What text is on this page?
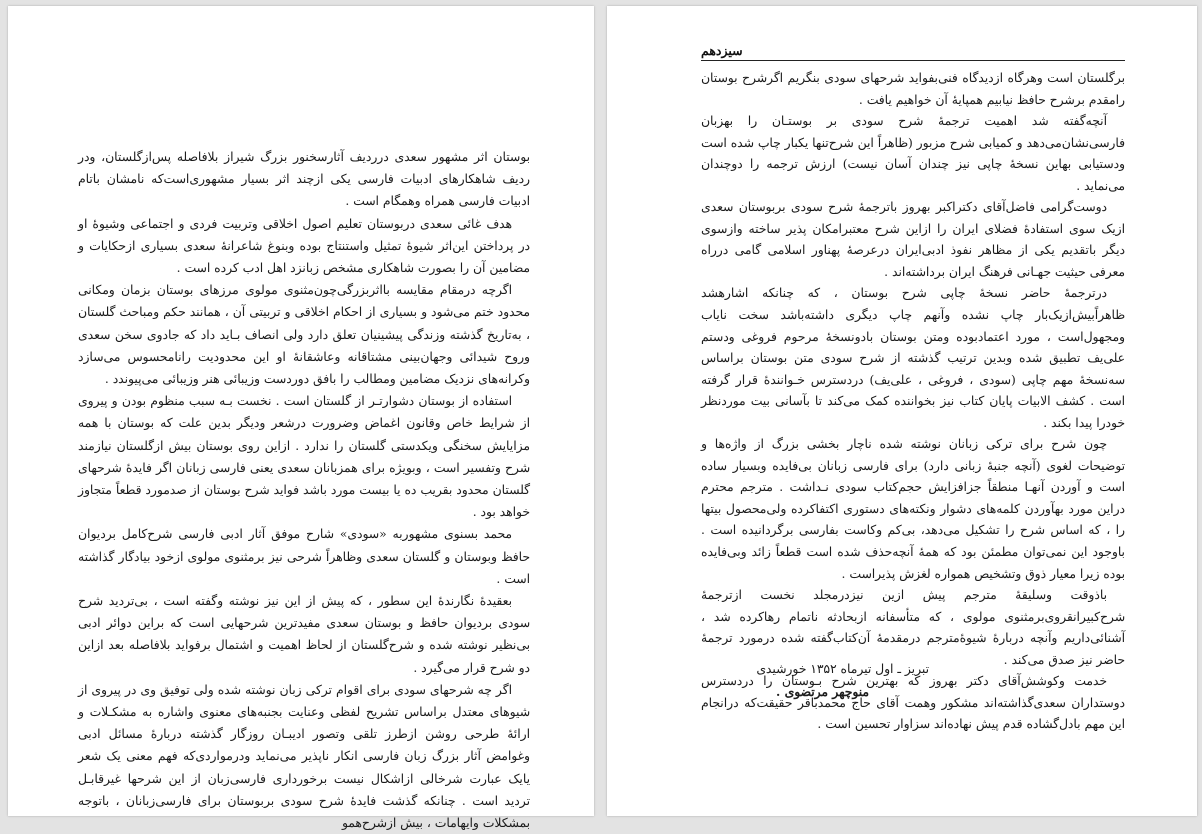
بوستان اثر مشهور سعدی درردیف آثارسخنور بزرگ شیراز بلافاصله پس‌ازگلستان، ودر ردیف شاهکارهای ادبیات فارسی یکی ازچند اثر بسیار مشهوری‌است‌که نامشان باتام ادبیات فارسی همراه وهمگام است .

هدف غائی سعدی دربوستان تعلیم اصول اخلاقی وتربیت فردی و اجتماعی وشیوهٔ او در پرداختن این‌اثر شیوهٔ تمثیل واستنتاج بوده وبنوغ شاعرانهٔ سعدی بسیاری ازحکایات و مضامین آن را بصورت شاهکاری مشخص زبانزد اهل ادب کرده است .

اگرچه درمقام مقایسه بااثربزرگی‌چون‌مثنوی مولوی مرزهای بوستان بزمان ومکانی محدود ختم می‌شود و بسیاری از احکام اخلاقی و تربیتی آن ، همانند حکم ومباحث گلستان ، به‌تاریخ گذشته وزندگی پیشینیان تعلق دارد ولی انصاف بـاید داد که جادوی سخن سعدی وروح شیدائی وجهان‌بینی مشتاقانه وعاشقانهٔ او این محدودیت رانامحسوس می‌سازد وکرانه‌های نزدیک مضامین ومطالب را بافق دوردست وزیبائی هنر وزیبائی می‌پیوندد .

استفاده از بوستان دشوارتـر از گلستان است . نخست بـه سبب منظوم بودن و پیروی از شرایط خاص وقانون اغماض وضرورت درشعر ودیگر بدین علت که بوستان با همه مزایایش سخنگی ویکدستی گلستان را ندارد . ازاین روی بوستان بیش ازگلستان نیازمند شرح وتفسیر است ، وبویژه برای همزبانان سعدی یعنی فارسی زبانان اگر فایدهٔ شرحهای گلستان محدود بقریب ده یا بیست مورد باشد فواید شرح بوستان از صدمورد قطعاً متجاوز خواهد بود .

محمد بسنوی مشهوربه «سودی» شارح موفق آثار ادبی فارسی شرح‌کامل بردیوان حافظ وبوستان و گلستان سعدی وظاهراً شرحی نیز برمثنوی مولوی ازخود بیادگار گذاشته است .

بعقیدهٔ نگارندهٔ این سطور ، که پیش از این نیز نوشته وگفته است ، بی‌تردید شرح سودی بردیوان حافظ و بوستان سعدی مفیدترین شرحهایی است که براین دوائر ادبی بی‌نظیر نوشته شده و شرح‌گلستان از لحاظ اهمیت و اشتمال برفواید بلافاصله بعد ازاین دو شرح قرار می‌گیرد .

اگر چه شرحهای سودی برای اقوام ترکی زبان نوشته شده ولی توفیق وی در پیروی از شیوهای معتدل براساس تشریح لفظی وعنایت بجنبه‌های معنوی واشاره به مشکـلات و ارائهٔ طرحی روشن ازطرز تلقی وتصور ادیبـان روزگار گذشته دربارهٔ مسائل ادبی وغوامض آثار بزرگ زبان فارسی انکار ناپذیر می‌نماید ودرمواردی‌که فهم معنی یک شعر یایک عبارت شرخالی ازاشکال نیست برخورداری فارسی‌زبان از این شرحها غیرقابـل تردید است . چنانکه گذشت فایدهٔ شرح سودی بربوستان برای فارسی‌زبانان ، باتوجه بمشکلات وایهامات ، بیش ازشرح‌همو

سیزدهم

برگلستان است وهرگاه ازدیدگاه فنی‌بفواید شرحهای سودی بنگریم اگرشرح بوستان رامقدم برشرح حافظ نیابیم همپایهٔ آن خواهیم یافت .

آنچه‌گفته شد اهمیت ترجمهٔ شرح سودی بر بوستـان را بهزبان فارسی‌نشان‌می‌دهد و کمیابی شرح مزبور (ظاهراً این شرح‌تنها یکبار چاپ شده است ودستیابی بهاین نسخهٔ چاپی نیز چندان آسان نیست) ارزش ترجمه را دوچندان می‌نماید .

دوست‌گرامی فاضل‌آقای دکتراکبر بهروز باترجمهٔ شرح سودی بربوستان سعدی ازیک سوی استفادهٔ فضلای ایران را ازاین شرح معتبرامکان پذیر ساخته وازسوی دیگر باتقدیم یکی از مظاهر نفوذ ادبی‌ایران درعرصهٔ پهناور اسلامی گامی درراه معرفی حیثیت جهـانی فرهنگ ایران برداشته‌اند .

درترجمهٔ حاضر نسخهٔ چاپی شرح بوستان ، که چنانکه اشارهشد ظاهراً‌بیش‌ازیک‌بار چاپ نشده وآنهم چاپ دیگری داشته‌باشد سخت نایاب ومجهول‌است ، مورد اعتمادبوده ومتن بوستان بادونسخهٔ مرحوم فروغی ودستم علی‌یف تطبیق شده وبدین ترتیب گذشته از شرح سودی متن بوستان براساس سه‌نسخهٔ مهم چاپی (سودی ، فروغی ، علی‌یف) دردسترس خـوانندهٔ قرار گرفته است . کشف الابیات پایان کتاب نیز بخواننده کمک می‌کند تا بآسانی بیت موردنظر خودرا پیدا بکند .

چون شرح برای ترکی زبانان نوشته شده ناچار بخشی بزرگ از واژه‌ها و توضیحات لغوی (آنچه جنبهٔ زبانی دارد) برای فارسی زبانان بی‌فایده وبسیار ساده است و آوردن آنهـا منطقاً جزافزایش حجم‌کتاب سودی نـداشت . مترجم محترم دراین مورد بهآوردن کلمه‌های دشوار ونکته‌های دستوری اکتفاکرده ولی‌محصول بیتها را ، که اساس شرح را تشکیل می‌دهد، بی‌کم وکاست بفارسی برگردانیده است . باوجود این نمی‌توان مطمئن بود که همهٔ آنچه‌حذف شده است قطعاً زائد وبی‌فایده بوده زیرا معیار ذوق وتشخیص همواره لغزش پذیراست .

باذوقت وسلیقهٔ مترجم پیش ازین نیزدرمجلد نخست ازترجمهٔ شرح‌کبیرانقروی‌برمثنوی مولوی ، که متأسفانه ازبحادثه ناتمام رهاکرده شد ، آشنائی‌داریم وآنچه دربارهٔ شیوهٔ‌مترجم درمقدمهٔ آن‌کتاب‌گفته شده درمورد ترجمهٔ حاضر نیز صدق می‌کند .

خدمت وکوشش‌آقای دکتر بهروز که بهترین شرح بـوستان را دردسترس دوستداران سعدی‌گذاشته‌اند مشکور وهمت آقای حاج محمدباقر حقیقت‌که درانجام این مهم بادل‌گشاده قدم پیش نهاده‌اند سزاوار تحسین است .

تبریز ـ اول تیرماه ۱۳۵۲ خورشیدی
منوچهر مرتضوی .
